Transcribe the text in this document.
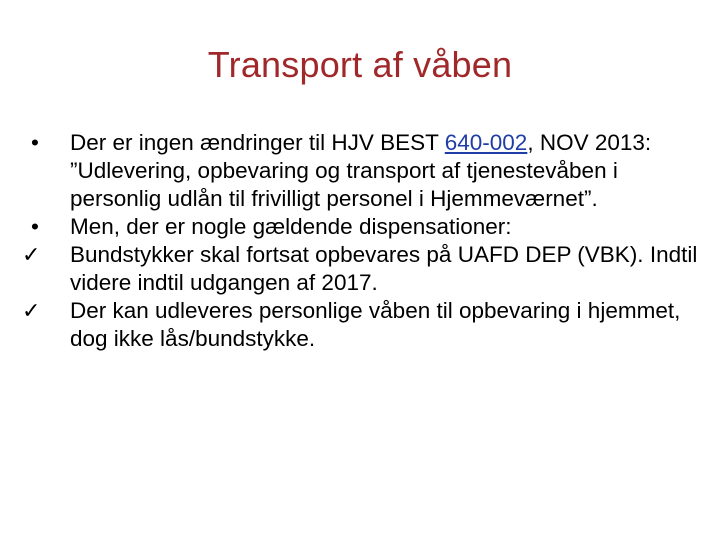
Transport af våben
•	Der er ingen ændringer til HJV BEST 640-002, NOV 2013: ”Udlevering, opbevaring og transport af tjenestevåben i personlig udlån til frivilligt personel i Hjemmeværnet”.
•	Men, der er nogle gældende dispensationer:
✓	Bundstykker skal fortsat opbevares på UAFD DEP (VBK). Indtil videre indtil udgangen af 2017.
✓	Der kan udleveres personlige våben til opbevaring i hjemmet, dog ikke lås/bundstykke.
